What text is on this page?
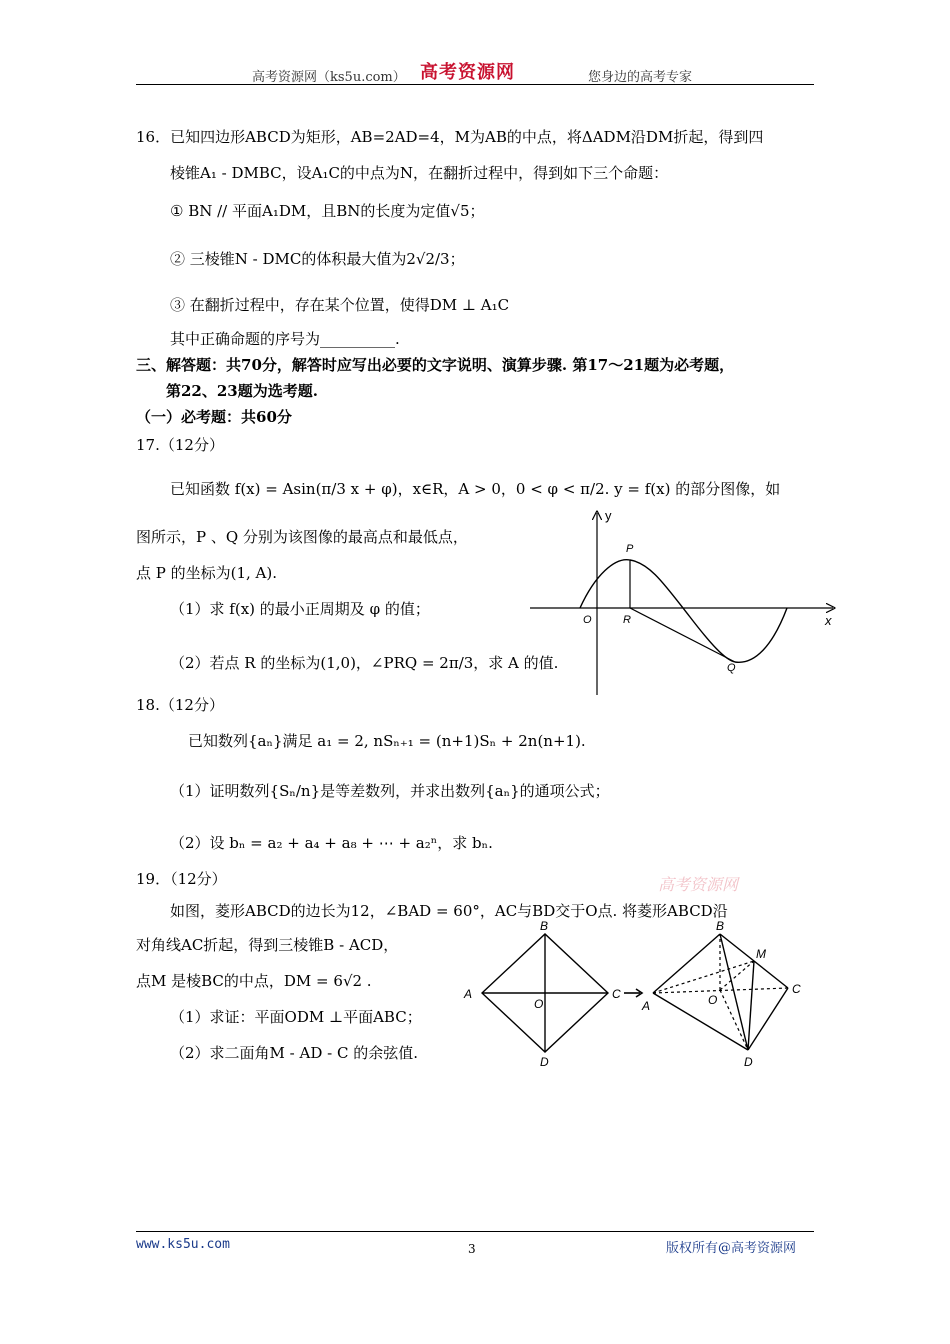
高考资源网（ks5u.com） 高考资源网	您身边的高考专家
16．已知四边形ABCD为矩形，AB=2AD=4，M为AB的中点，将ΔADM沿DM折起，得到四
棱锥A₁ - DMBC，设A₁C的中点为N，在翻折过程中，得到如下三个命题：
① BN // 平面A₁DM，且BN的长度为定值√5；
② 三棱锥N - DMC的体积最大值为2√2/3；
③ 在翻折过程中，存在某个位置，使得DM ⊥ A₁C
其中正确命题的序号为__________.
三、解答题：共70分，解答时应写出必要的文字说明、演算步骤. 第17～21题为必考题，
第22、23题为选考题.
（一）必考题：共60分
17.（12分）
已知函数 f(x) = Asin(π/3 x + φ)，x∈R，A > 0，0 < φ < π/2. y = f(x) 的部分图像，如
图所示，P 、Q 分别为该图像的最高点和最低点，
点 P 的坐标为(1, A).
（1）求 f(x) 的最小正周期及 φ 的值；
（2）若点 R 的坐标为(1,0)，∠PRQ = 2π/3，求 A 的值.
y
x
O	R
P
Q
18.（12分）
已知数列{aₙ}满足 a₁ = 2, nSₙ₊₁ = (n+1)Sₙ + 2n(n+1).
（1）证明数列{Sₙ/n}是等差数列，并求出数列{aₙ}的通项公式；
（2）设 bₙ = a₂ + a₄ + a₈ + ⋯ + a₂ⁿ，求 bₙ.
19．（12分）	高考资源网
如图，菱形ABCD的边长为12，∠BAD = 60°，AC与BD交于O点. 将菱形ABCD沿
对角线AC折起，得到三棱锥B - ACD，
点M 是棱BC的中点，DM = 6√2 .
（1）求证：平面ODM ⊥平面ABC；
（2）求二面角M - AD - C 的余弦值.
A
B
C
D
O	A
B
C
D
O
M
www.ks5u.com	3	版权所有@高考资源网
